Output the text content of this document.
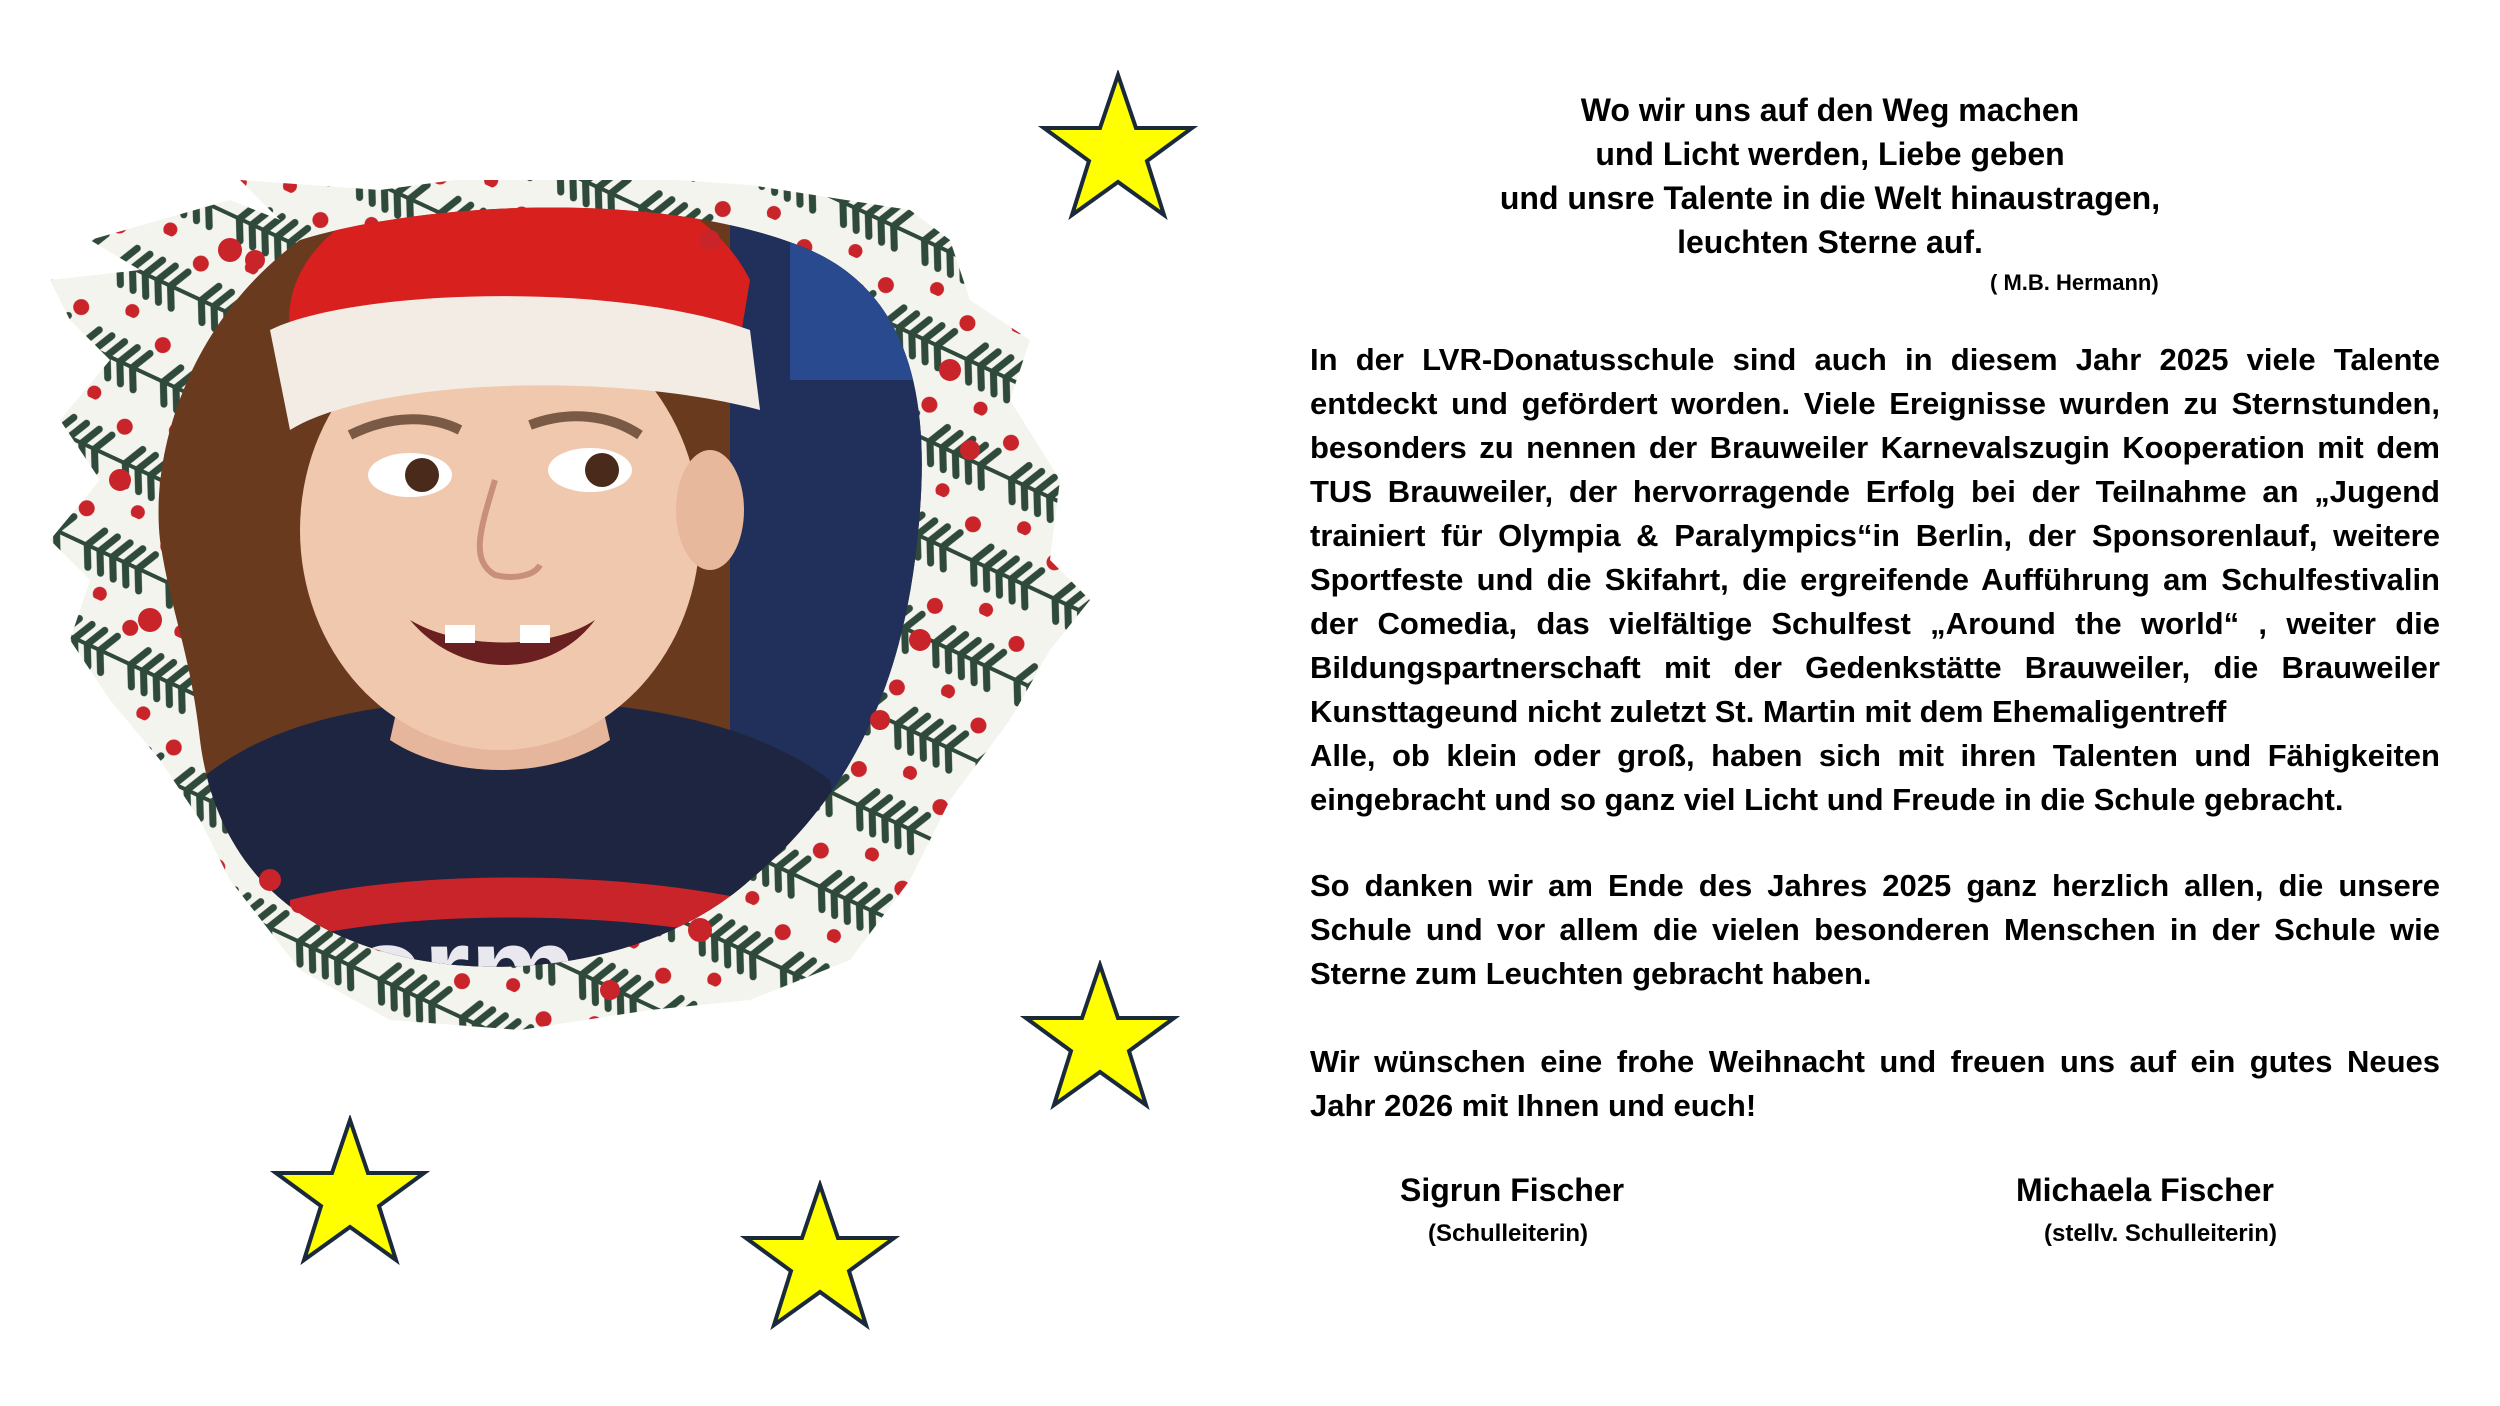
Wo wir uns auf den Weg machen
und Licht werden, Liebe geben
und unsre Talente in die Welt hinaustragen,
leuchten Sterne auf.
( M.B. Hermann)

In der LVR-Donatusschule sind auch in diesem Jahr 2025 viele Talente entdeckt und gefördert worden. Viele Ereignisse wurden zu Sternstunden, besonders zu nennen der Brauweiler Karnevalszugin Kooperation mit dem TUS Brauweiler, der hervorragende Erfolg bei der Teilnahme an „Jugend trainiert für Olympia & Paralympics“in Berlin, der Sponsorenlauf, weitere Sportfeste und die Skifahrt, die ergreifende Aufführung am Schulfestivalin der Comedia, das vielfältige Schulfest „Around the world“ , weiter die Bildungspartnerschaft mit der Gedenkstätte Brauweiler, die Brauweiler Kunsttageund nicht zuletzt St. Martin mit dem Ehemaligentreff

Alle, ob klein oder groß, haben sich mit ihren Talenten und Fähigkeiten eingebracht und so ganz viel Licht und Freude in die Schule gebracht.

So danken wir am Ende des Jahres 2025 ganz herzlich allen, die unsere Schule und vor allem die vielen besonderen Menschen in der Schule wie Sterne zum Leuchten gebracht haben.

Wir wünschen eine frohe Weihnacht und freuen uns auf ein gutes Neues Jahr 2026 mit Ihnen und euch!

Sigrun Fischer
(Schulleiterin)
Michaela Fischer
(stellv. Schulleiterin)
